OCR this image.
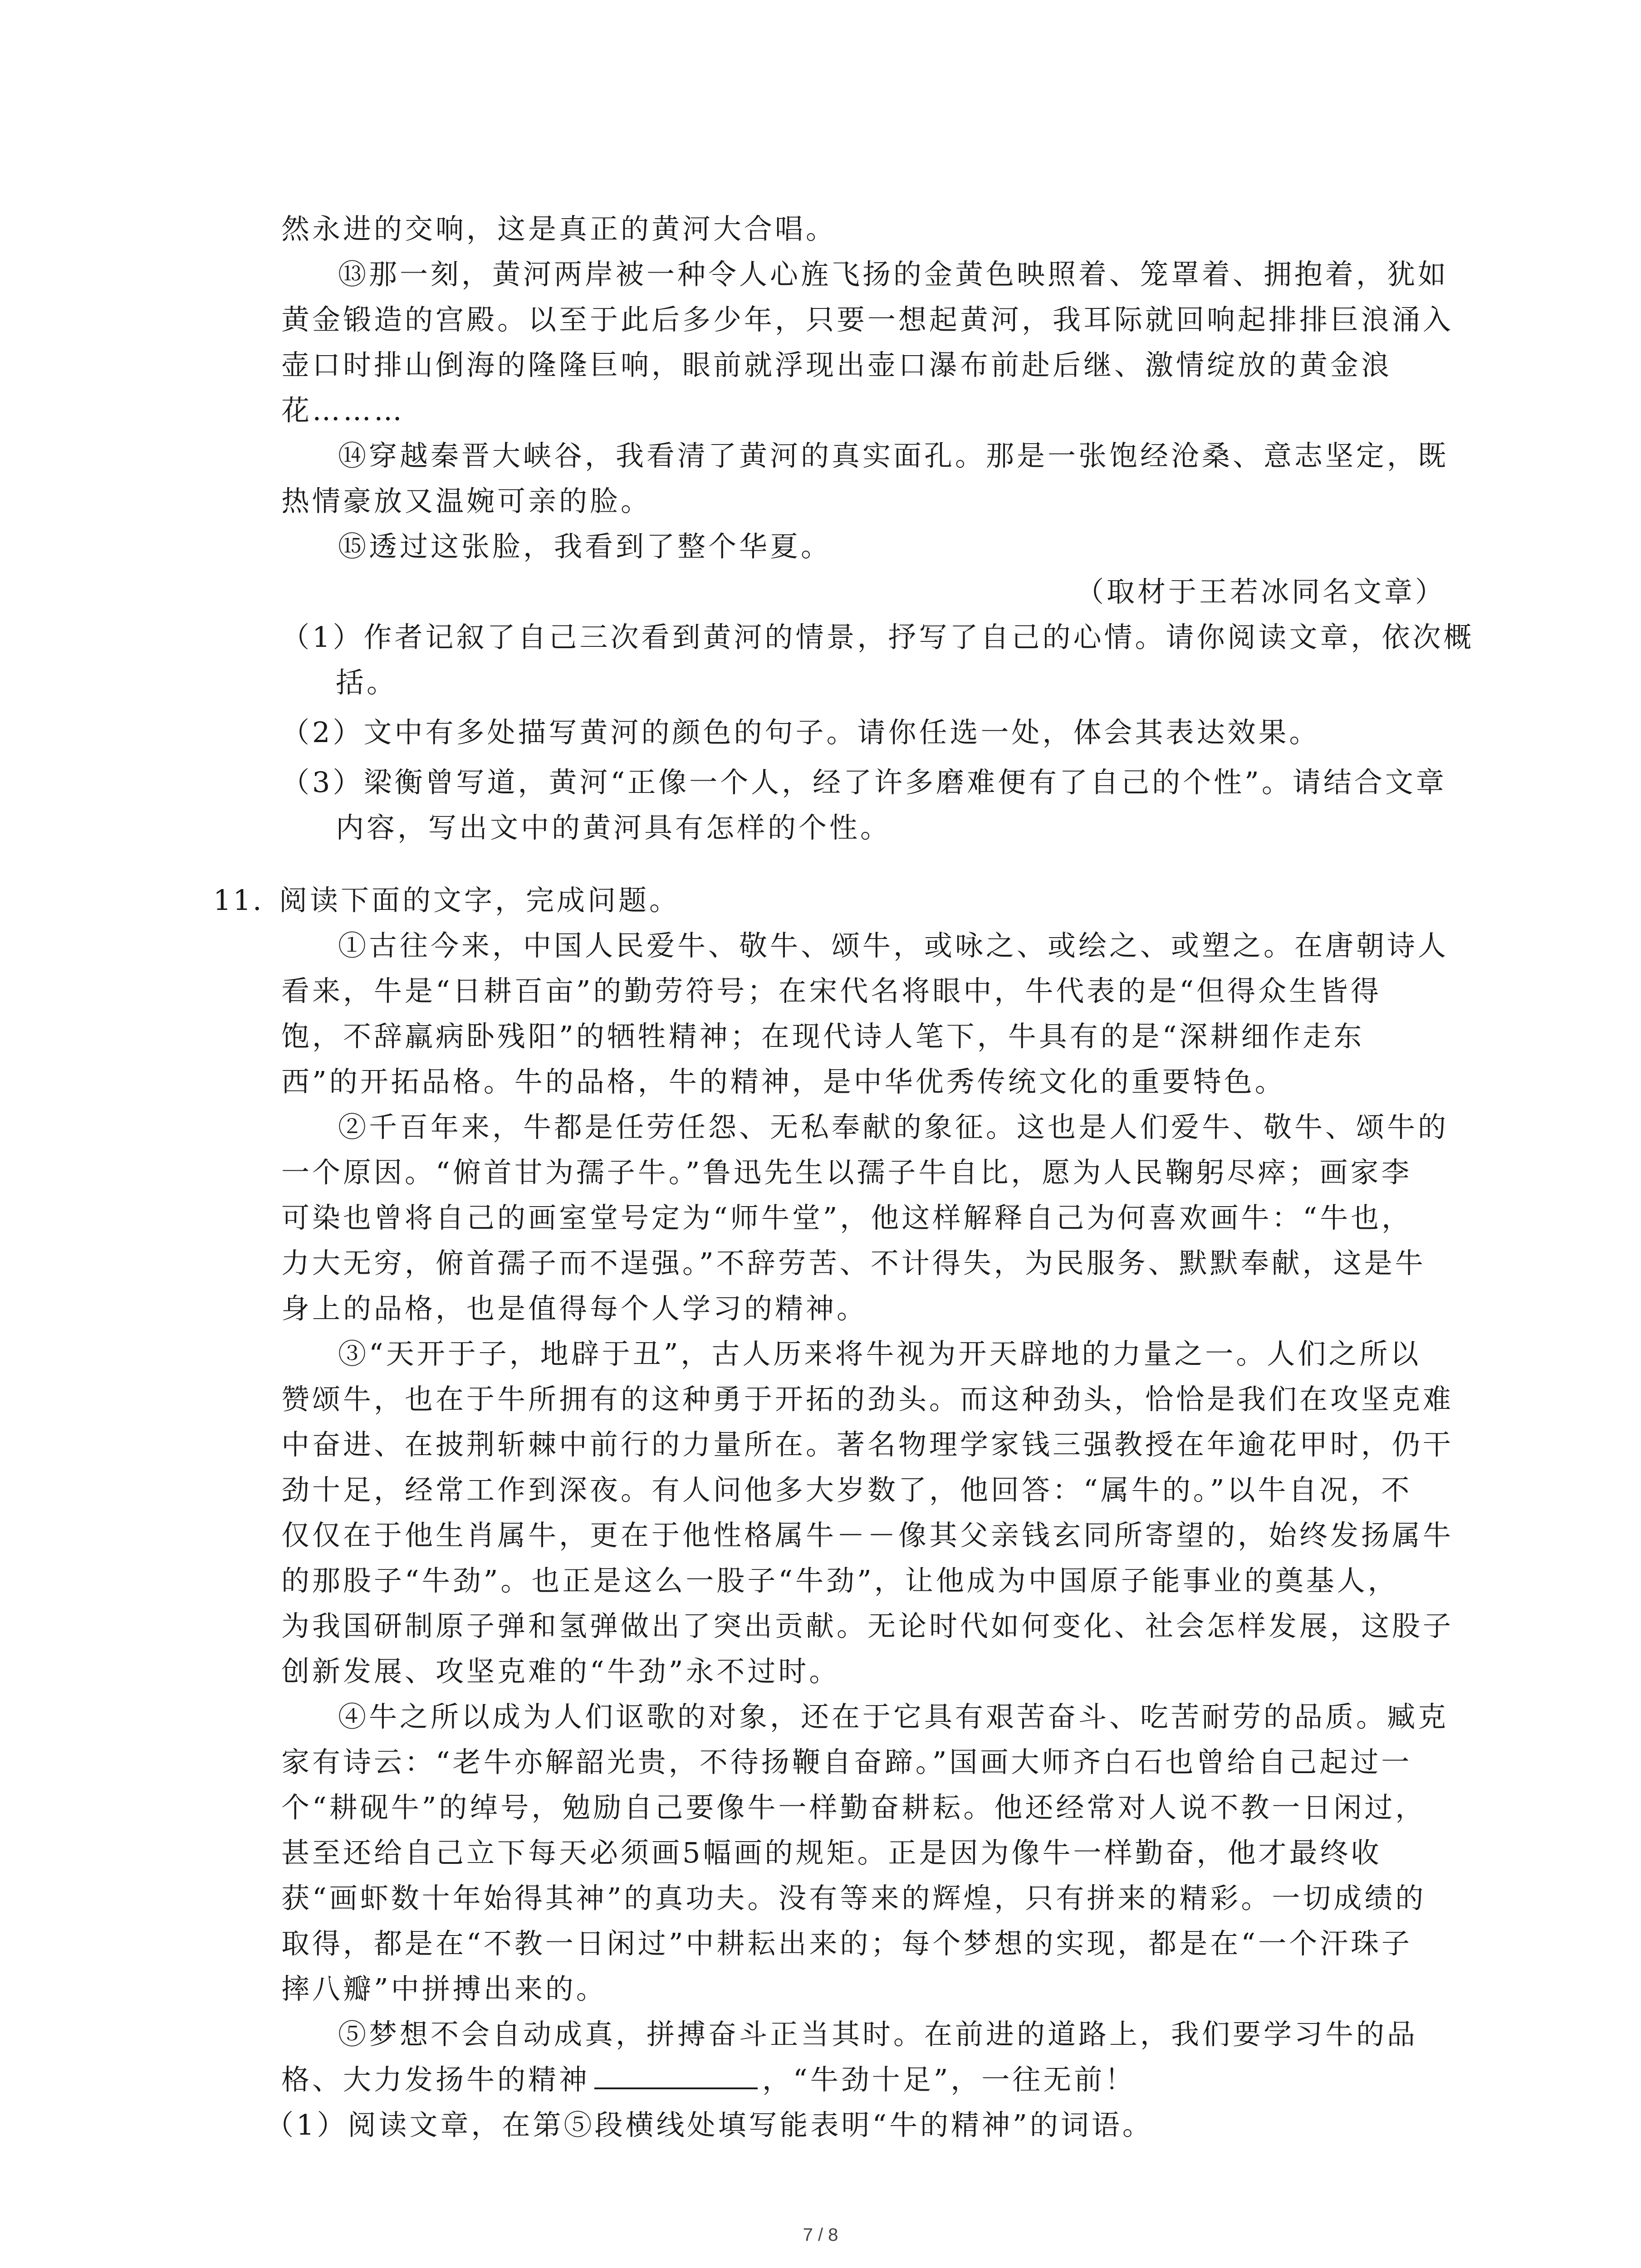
然永进的交响，这是真正的黄河大合唱。
⑬那一刻，黄河两岸被一种令人心旌飞扬的金黄色映照着、笼罩着、拥抱着，犹如
黄金锻造的宫殿。以至于此后多少年，只要一想起黄河，我耳际就回响起排排巨浪涌入
壶口时排山倒海的隆隆巨响，眼前就浮现出壶口瀑布前赴后继、激情绽放的黄金浪
花………
⑭穿越秦晋大峡谷，我看清了黄河的真实面孔。那是一张饱经沧桑、意志坚定，既
热情豪放又温婉可亲的脸。
⑮透过这张脸，我看到了整个华夏。
（取材于王若冰同名文章）
（1）作者记叙了自己三次看到黄河的情景，抒写了自己的心情。请你阅读文章，依次概
括。
（2）文中有多处描写黄河的颜色的句子。请你任选一处，体会其表达效果。
（3）梁衡曾写道，黄河“正像一个人，经了许多磨难便有了自己的个性”。请结合文章
内容，写出文中的黄河具有怎样的个性。
11. 阅读下面的文字，完成问题。
①古往今来，中国人民爱牛、敬牛、颂牛，或咏之、或绘之、或塑之。在唐朝诗人
看来，牛是“日耕百亩”的勤劳符号；在宋代名将眼中，牛代表的是“但得众生皆得
饱，不辞羸病卧残阳”的牺牲精神；在现代诗人笔下，牛具有的是“深耕细作走东
西”的开拓品格。牛的品格，牛的精神，是中华优秀传统文化的重要特色。
②千百年来，牛都是任劳任怨、无私奉献的象征。这也是人们爱牛、敬牛、颂牛的
一个原因。“俯首甘为孺子牛。”鲁迅先生以孺子牛自比，愿为人民鞠躬尽瘁；画家李
可染也曾将自己的画室堂号定为“师牛堂”，他这样解释自己为何喜欢画牛：“牛也，
力大无穷，俯首孺子而不逞强。”不辞劳苦、不计得失，为民服务、默默奉献，这是牛
身上的品格，也是值得每个人学习的精神。
③“天开于子，地辟于丑”，古人历来将牛视为开天辟地的力量之一。人们之所以
赞颂牛，也在于牛所拥有的这种勇于开拓的劲头。而这种劲头，恰恰是我们在攻坚克难
中奋进、在披荆斩棘中前行的力量所在。著名物理学家钱三强教授在年逾花甲时，仍干
劲十足，经常工作到深夜。有人问他多大岁数了，他回答：“属牛的。”以牛自况，不
仅仅在于他生肖属牛，更在于他性格属牛－－像其父亲钱玄同所寄望的，始终发扬属牛
的那股子“牛劲”。也正是这么一股子“牛劲”，让他成为中国原子能事业的奠基人，
为我国研制原子弹和氢弹做出了突出贡献。无论时代如何变化、社会怎样发展，这股子
创新发展、攻坚克难的“牛劲”永不过时。
④牛之所以成为人们讴歌的对象，还在于它具有艰苦奋斗、吃苦耐劳的品质。臧克
家有诗云：“老牛亦解韶光贵，不待扬鞭自奋蹄。”国画大师齐白石也曾给自己起过一
个“耕砚牛”的绰号，勉励自己要像牛一样勤奋耕耘。他还经常对人说不教一日闲过，
甚至还给自己立下每天必须画5幅画的规矩。正是因为像牛一样勤奋，他才最终收
获“画虾数十年始得其神”的真功夫。没有等来的辉煌，只有拼来的精彩。一切成绩的
取得，都是在“不教一日闲过”中耕耘出来的；每个梦想的实现，都是在“一个汗珠子
摔八瓣”中拼搏出来的。
⑤梦想不会自动成真，拼搏奋斗正当其时。在前进的道路上，我们要学习牛的品
格、大力发扬牛的精神	，“牛劲十足”，一往无前！
（1）阅读文章，在第⑤段横线处填写能表明“牛的精神”的词语。
7 / 8
